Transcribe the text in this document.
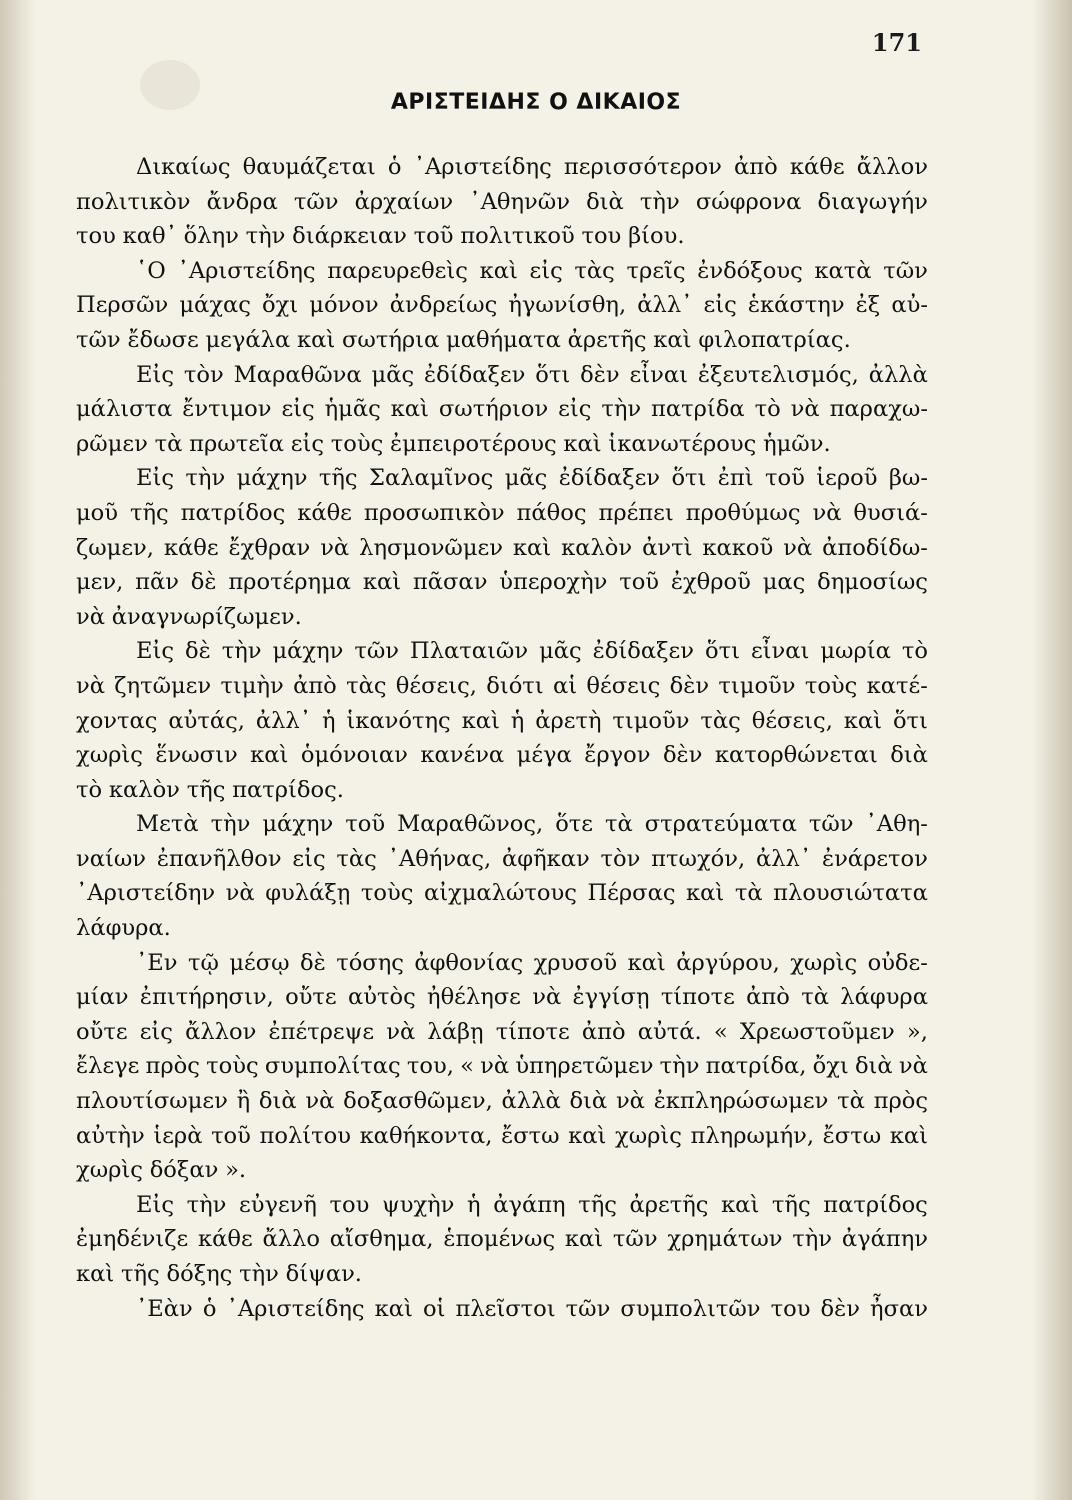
171
ΑΡΙΣΤΕΙΔΗΣ Ο ΔΙΚΑΙΟΣ
Δικαίως θαυμάζεται ὁ ᾿Αριστείδης περισσότερον ἀπὸ κάθε ἄλλον
πολιτικὸν ἄνδρα τῶν ἀρχαίων ᾿Αθηνῶν διὰ τὴν σώφρονα διαγωγήν
του καθ᾿ ὅλην τὴν διάρκειαν τοῦ πολιτικοῦ του βίου.
῾Ο ᾿Αριστείδης παρευρεθεὶς καὶ εἰς τὰς τρεῖς ἐνδόξους κατὰ τῶν
Περσῶν μάχας ὄχι μόνον ἀνδρείως ἠγωνίσθη, ἀλλ᾿ εἰς ἑκάστην ἐξ αὐ-
τῶν ἔδωσε μεγάλα καὶ σωτήρια μαθήματα ἀρετῆς καὶ φιλοπατρίας.
Εἰς τὸν Μαραθῶνα μᾶς ἐδίδαξεν ὅτι δὲν εἶναι ἐξευτελισμός, ἀλλὰ
μάλιστα ἔντιμον εἰς ἡμᾶς καὶ σωτήριον εἰς τὴν πατρίδα τὸ νὰ παραχω-
ρῶμεν τὰ πρωτεῖα εἰς τοὺς ἐμπειροτέρους καὶ ἱκανωτέρους ἡμῶν.
Εἰς τὴν μάχην τῆς Σαλαμῖνος μᾶς ἐδίδαξεν ὅτι ἐπὶ τοῦ ἱεροῦ βω-
μοῦ τῆς πατρίδος κάθε προσωπικὸν πάθος πρέπει προθύμως νὰ θυσιά-
ζωμεν, κάθε ἔχθραν νὰ λησμονῶμεν καὶ καλὸν ἀντὶ κακοῦ νὰ ἀποδίδω-
μεν, πᾶν δὲ προτέρημα καὶ πᾶσαν ὑπεροχὴν τοῦ ἐχθροῦ μας δημοσίως
νὰ ἀναγνωρίζωμεν.
Εἰς δὲ τὴν μάχην τῶν Πλαταιῶν μᾶς ἐδίδαξεν ὅτι εἶναι μωρία τὸ
νὰ ζητῶμεν τιμὴν ἀπὸ τὰς θέσεις, διότι αἱ θέσεις δὲν τιμοῦν τοὺς κατέ-
χοντας αὐτάς, ἀλλ᾿ ἡ ἱκανότης καὶ ἡ ἀρετὴ τιμοῦν τὰς θέσεις, καὶ ὅτι
χωρὶς ἕνωσιν καὶ ὁμόνοιαν κανένα μέγα ἔργον δὲν κατορθώνεται διὰ
τὸ καλὸν τῆς πατρίδος.
Μετὰ τὴν μάχην τοῦ Μαραθῶνος, ὅτε τὰ στρατεύματα τῶν ᾿Αθη-
ναίων ἐπανῆλθον εἰς τὰς ᾿Αθήνας, ἀφῆκαν τὸν πτωχόν, ἀλλ᾿ ἐνάρετον
᾿Αριστείδην νὰ φυλάξῃ τοὺς αἰχμαλώτους Πέρσας καὶ τὰ πλουσιώτατα
λάφυρα.
᾿Εν τῷ μέσῳ δὲ τόσης ἀφθονίας χρυσοῦ καὶ ἀργύρου, χωρὶς οὐδε-
μίαν ἐπιτήρησιν, οὔτε αὐτὸς ἠθέλησε νὰ ἐγγίσῃ τίποτε ἀπὸ τὰ λάφυρα
οὔτε εἰς ἄλλον ἐπέτρεψε νὰ λάβῃ τίποτε ἀπὸ αὐτά. « Χρεωστοῦμεν »,
ἔλεγε πρὸς τοὺς συμπολίτας του, « νὰ ὑπηρετῶμεν τὴν πατρίδα, ὄχι διὰ νὰ
πλουτίσωμεν ἢ διὰ νὰ δοξασθῶμεν, ἀλλὰ διὰ νὰ ἐκπληρώσωμεν τὰ πρὸς
αὐτὴν ἱερὰ τοῦ πολίτου καθήκοντα, ἔστω καὶ χωρὶς πληρωμήν, ἔστω καὶ
χωρὶς δόξαν ».
Εἰς τὴν εὐγενῆ του ψυχὴν ἡ ἀγάπη τῆς ἀρετῆς καὶ τῆς πατρίδος
ἐμηδένιζε κάθε ἄλλο αἴσθημα, ἑπομένως καὶ τῶν χρημάτων τὴν ἀγάπην
καὶ τῆς δόξης τὴν δίψαν.
᾿Εὰν ὁ ᾿Αριστείδης καὶ οἱ πλεῖστοι τῶν συμπολιτῶν του δὲν ἦσαν
